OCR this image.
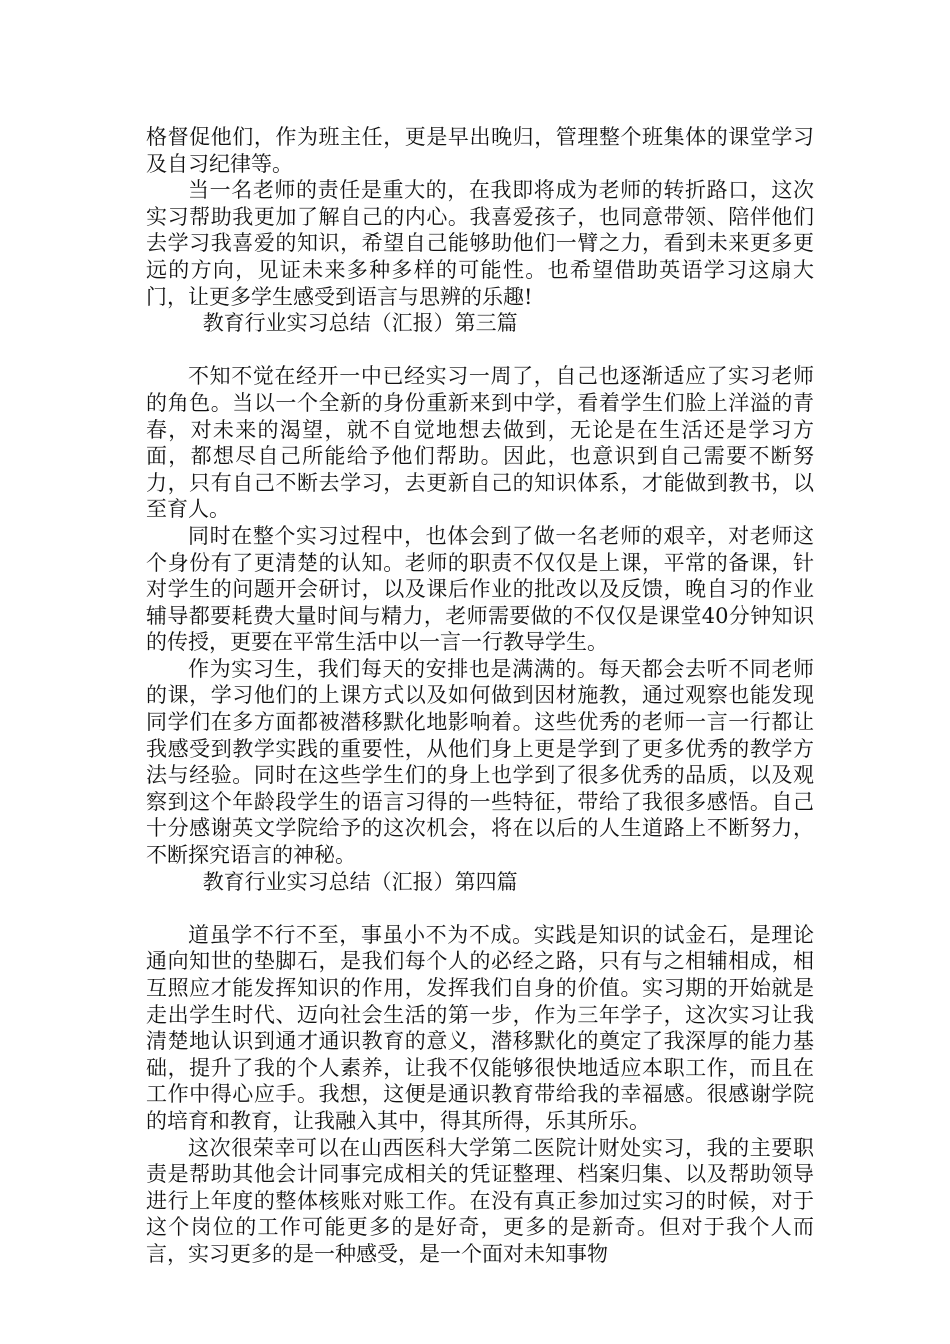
格督促他们，作为班主任，更是早出晚归，管理整个班集体的课堂学习及自习纪律等。

当一名老师的责任是重大的，在我即将成为老师的转折路口，这次实习帮助我更加了解自己的内心。我喜爱孩子，也同意带领、陪伴他们去学习我喜爱的知识，希望自己能够助他们一臂之力，看到未来更多更远的方向，见证未来多种多样的可能性。也希望借助英语学习这扇大门，让更多学生感受到语言与思辨的乐趣!

教育行业实习总结（汇报）第三篇

不知不觉在经开一中已经实习一周了，自己也逐渐适应了实习老师的角色。当以一个全新的身份重新来到中学，看着学生们脸上洋溢的青春，对未来的渴望，就不自觉地想去做到，无论是在生活还是学习方面，都想尽自己所能给予他们帮助。因此，也意识到自己需要不断努力，只有自己不断去学习，去更新自己的知识体系，才能做到教书，以至育人。

同时在整个实习过程中，也体会到了做一名老师的艰辛，对老师这个身份有了更清楚的认知。老师的职责不仅仅是上课，平常的备课，针对学生的问题开会研讨，以及课后作业的批改以及反馈，晚自习的作业辅导都要耗费大量时间与精力，老师需要做的不仅仅是课堂40分钟知识的传授，更要在平常生活中以一言一行教导学生。

作为实习生，我们每天的安排也是满满的。每天都会去听不同老师的课，学习他们的上课方式以及如何做到因材施教，通过观察也能发现同学们在多方面都被潜移默化地影响着。这些优秀的老师一言一行都让我感受到教学实践的重要性，从他们身上更是学到了更多优秀的教学方法与经验。同时在这些学生们的身上也学到了很多优秀的品质，以及观察到这个年龄段学生的语言习得的一些特征，带给了我很多感悟。自己十分感谢英文学院给予的这次机会，将在以后的人生道路上不断努力，不断探究语言的神秘。

教育行业实习总结（汇报）第四篇

道虽学不行不至，事虽小不为不成。实践是知识的试金石，是理论通向知世的垫脚石，是我们每个人的必经之路，只有与之相辅相成，相互照应才能发挥知识的作用，发挥我们自身的价值。实习期的开始就是走出学生时代、迈向社会生活的第一步，作为三年学子，这次实习让我清楚地认识到通才通识教育的意义，潜移默化的奠定了我深厚的能力基础，提升了我的个人素养，让我不仅能够很快地适应本职工作，而且在工作中得心应手。我想，这便是通识教育带给我的幸福感。很感谢学院的培育和教育，让我融入其中，得其所得，乐其所乐。

这次很荣幸可以在山西医科大学第二医院计财处实习，我的主要职责是帮助其他会计同事完成相关的凭证整理、档案归集、以及帮助领导进行上年度的整体核账对账工作。在没有真正参加过实习的时候，对于这个岗位的工作可能更多的是好奇，更多的是新奇。但对于我个人而言，实习更多的是一种感受，是一个面对未知事物
